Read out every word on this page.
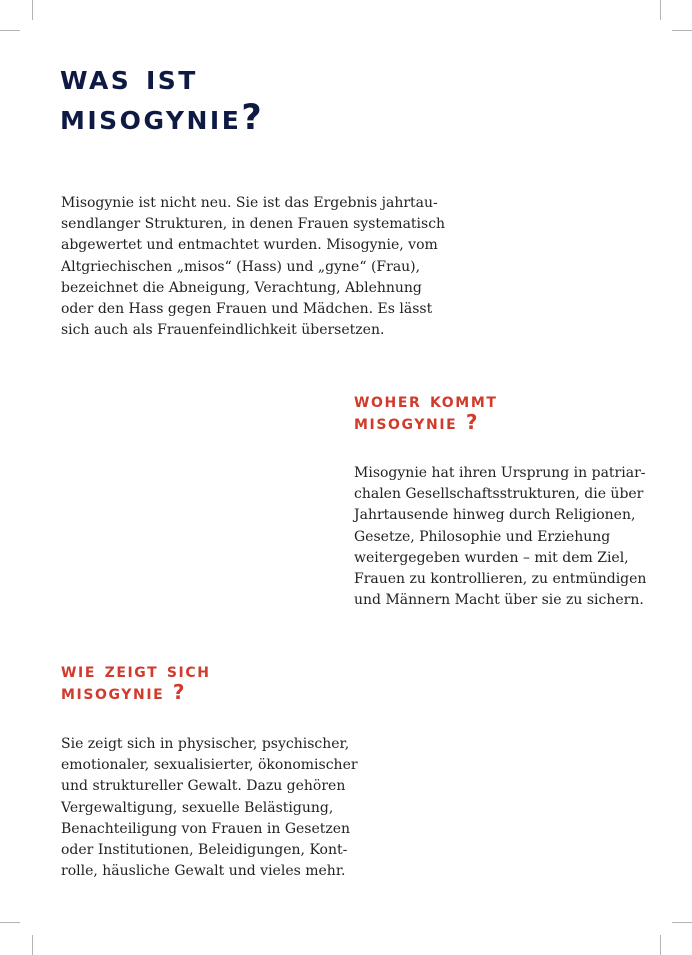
was ist
misogynie?

Misogynie ist nicht neu. Sie ist das Ergebnis jahrtau-
sendlanger Strukturen, in denen Frauen systematisch
abgewertet und entmachtet wurden. Misogynie, vom
Altgriechischen „misos“ (Hass) und „gyne“ (Frau),
bezeichnet die Abneigung, Verachtung, Ablehnung
oder den Hass gegen Frauen und Mädchen. Es lässt
sich auch als Frauenfeindlichkeit übersetzen.

woher kommt
misogynie ?

Misogynie hat ihren Ursprung in patriar-
chalen Gesellschaftsstrukturen, die über
Jahrtausende hinweg durch Religionen,
Gesetze, Philosophie und Erziehung
weitergegeben wurden – mit dem Ziel,
Frauen zu kontrollieren, zu entmündigen
und Männern Macht über sie zu sichern.

wie zeigt sich
misogynie ?

Sie zeigt sich in physischer, psychischer,
emotionaler, sexualisierter, ökonomischer
und struktureller Gewalt. Dazu gehören
Vergewaltigung, sexuelle Belästigung,
Benachteiligung von Frauen in Gesetzen
oder Institutionen, Beleidigungen, Kont-
rolle, häusliche Gewalt und vieles mehr.
